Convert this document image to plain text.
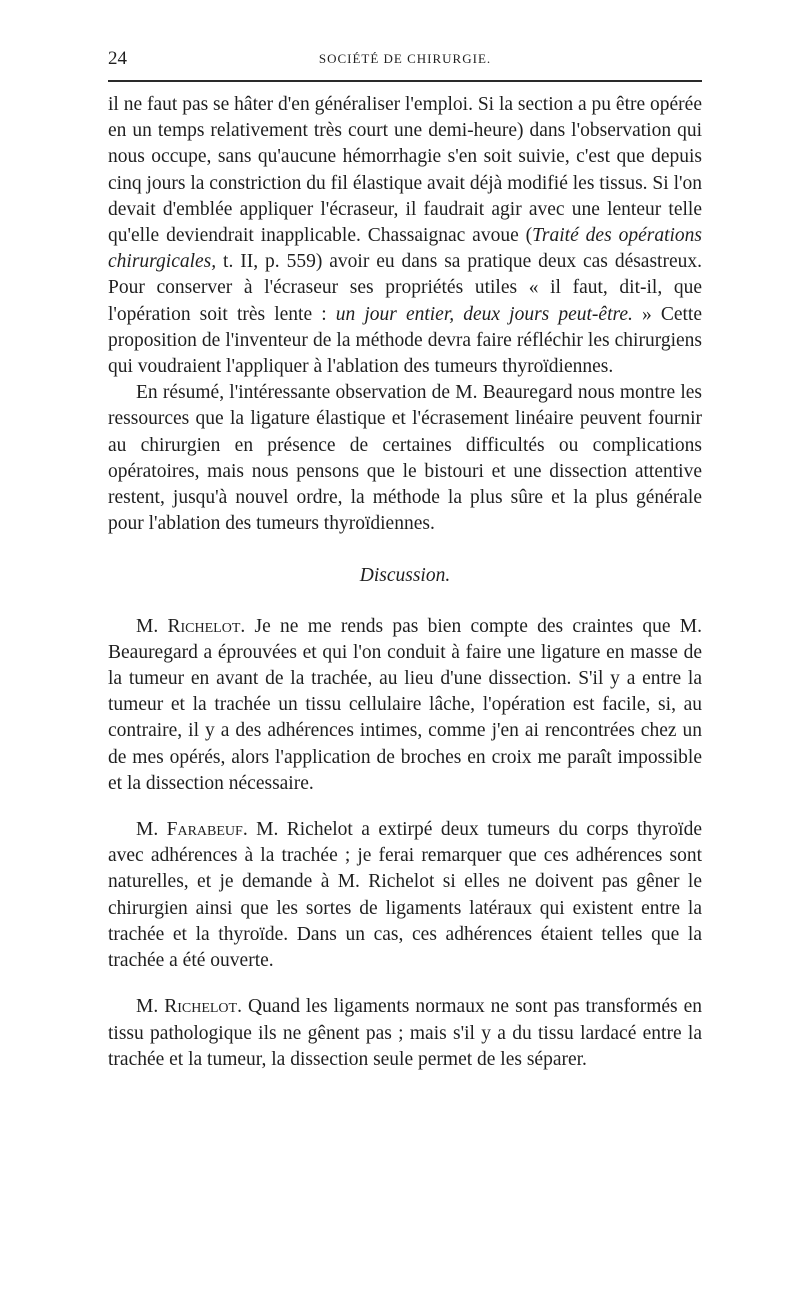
24	SOCIÉTÉ DE CHIRURGIE.

il ne faut pas se hâter d'en généraliser l'emploi. Si la section a pu être opérée en un temps relativement très court une demi-heure) dans l'observation qui nous occupe, sans qu'aucune hémorrhagie s'en soit suivie, c'est que depuis cinq jours la constriction du fil élastique avait déjà modifié les tissus. Si l'on devait d'emblée appliquer l'écraseur, il faudrait agir avec une lenteur telle qu'elle deviendrait inapplicable. Chassaignac avoue (Traité des opérations chirurgicales, t. II, p. 559) avoir eu dans sa pratique deux cas désastreux. Pour conserver à l'écraseur ses propriétés utiles « il faut, dit-il, que l'opération soit très lente : un jour entier, deux jours peut-être. » Cette proposition de l'inventeur de la méthode devra faire réfléchir les chirurgiens qui voudraient l'appliquer à l'ablation des tumeurs thyroïdiennes.

En résumé, l'intéressante observation de M. Beauregard nous montre les ressources que la ligature élastique et l'écrasement linéaire peuvent fournir au chirurgien en présence de certaines difficultés ou complications opératoires, mais nous pensons que le bistouri et une dissection attentive restent, jusqu'à nouvel ordre, la méthode la plus sûre et la plus générale pour l'ablation des tumeurs thyroïdiennes.

Discussion.

M. Richelot. Je ne me rends pas bien compte des craintes que M. Beauregard a éprouvées et qui l'on conduit à faire une ligature en masse de la tumeur en avant de la trachée, au lieu d'une dissection. S'il y a entre la tumeur et la trachée un tissu cellulaire lâche, l'opération est facile, si, au contraire, il y a des adhérences intimes, comme j'en ai rencontrées chez un de mes opérés, alors l'application de broches en croix me paraît impossible et la dissection nécessaire.

M. Farabeuf. M. Richelot a extirpé deux tumeurs du corps thyroïde avec adhérences à la trachée ; je ferai remarquer que ces adhérences sont naturelles, et je demande à M. Richelot si elles ne doivent pas gêner le chirurgien ainsi que les sortes de ligaments latéraux qui existent entre la trachée et la thyroïde. Dans un cas, ces adhérences étaient telles que la trachée a été ouverte.

M. Richelot. Quand les ligaments normaux ne sont pas transformés en tissu pathologique ils ne gênent pas ; mais s'il y a du tissu lardacé entre la trachée et la tumeur, la dissection seule permet de les séparer.
